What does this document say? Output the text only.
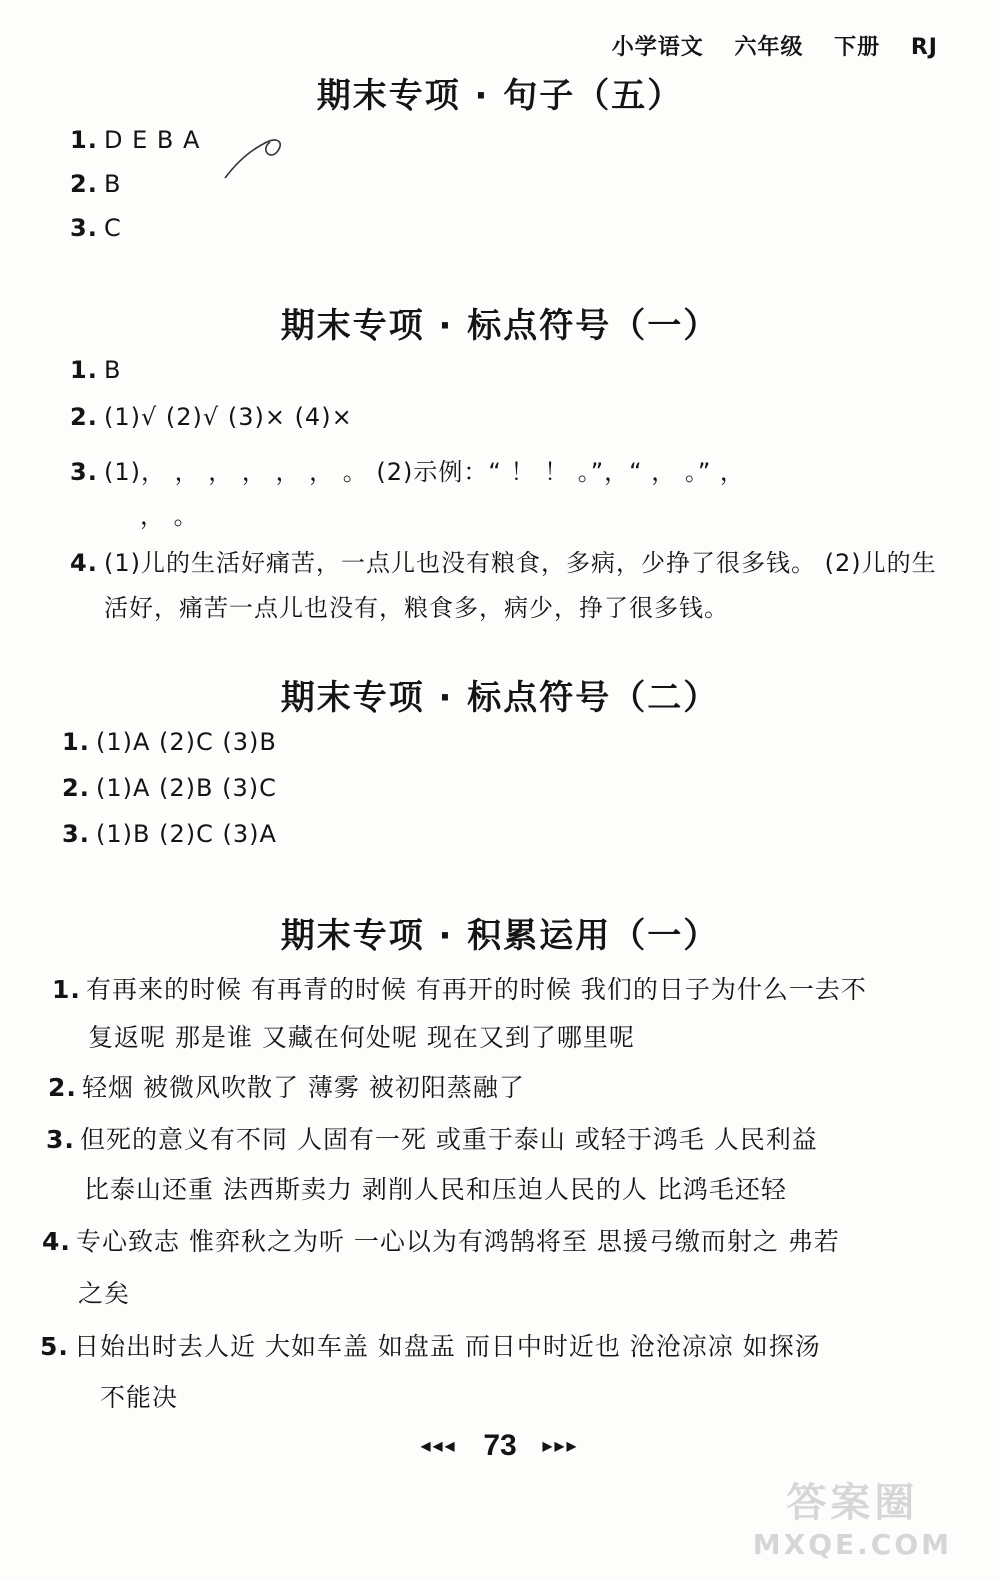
小学语文 六年级 下册 RJ
期末专项 · 句子（五）
1. D E B A
2. B
3. C
期末专项 · 标点符号（一）
1. B
2. (1)√ (2)√ (3)× (4)×
3. (1)， ， ， ， ， ， 。 (2)示例：“ ！ ！ 。”，“ ， 。” ，
， 。
4. (1)儿的生活好痛苦，一点儿也没有粮食，多病，少挣了很多钱。 (2)儿的生
活好，痛苦一点儿也没有，粮食多，病少，挣了很多钱。
期末专项 · 标点符号（二）
1. (1)A (2)C (3)B
2. (1)A (2)B (3)C
3. (1)B (2)C (3)A
期末专项 · 积累运用（一）
1. 有再来的时候 有再青的时候 有再开的时候 我们的日子为什么一去不
复返呢 那是谁 又藏在何处呢 现在又到了哪里呢
2. 轻烟 被微风吹散了 薄雾 被初阳蒸融了
3. 但死的意义有不同 人固有一死 或重于泰山 或轻于鸿毛 人民利益
比泰山还重 法西斯卖力 剥削人民和压迫人民的人 比鸿毛还轻
4. 专心致志 惟弈秋之为听 一心以为有鸿鹄将至 思援弓缴而射之 弗若
之矣
5. 日始出时去人近 大如车盖 如盘盂 而日中时近也 沧沧凉凉 如探汤
不能决
◂◂◂ 73 ▸▸▸
答案圈
MXQE.COM
